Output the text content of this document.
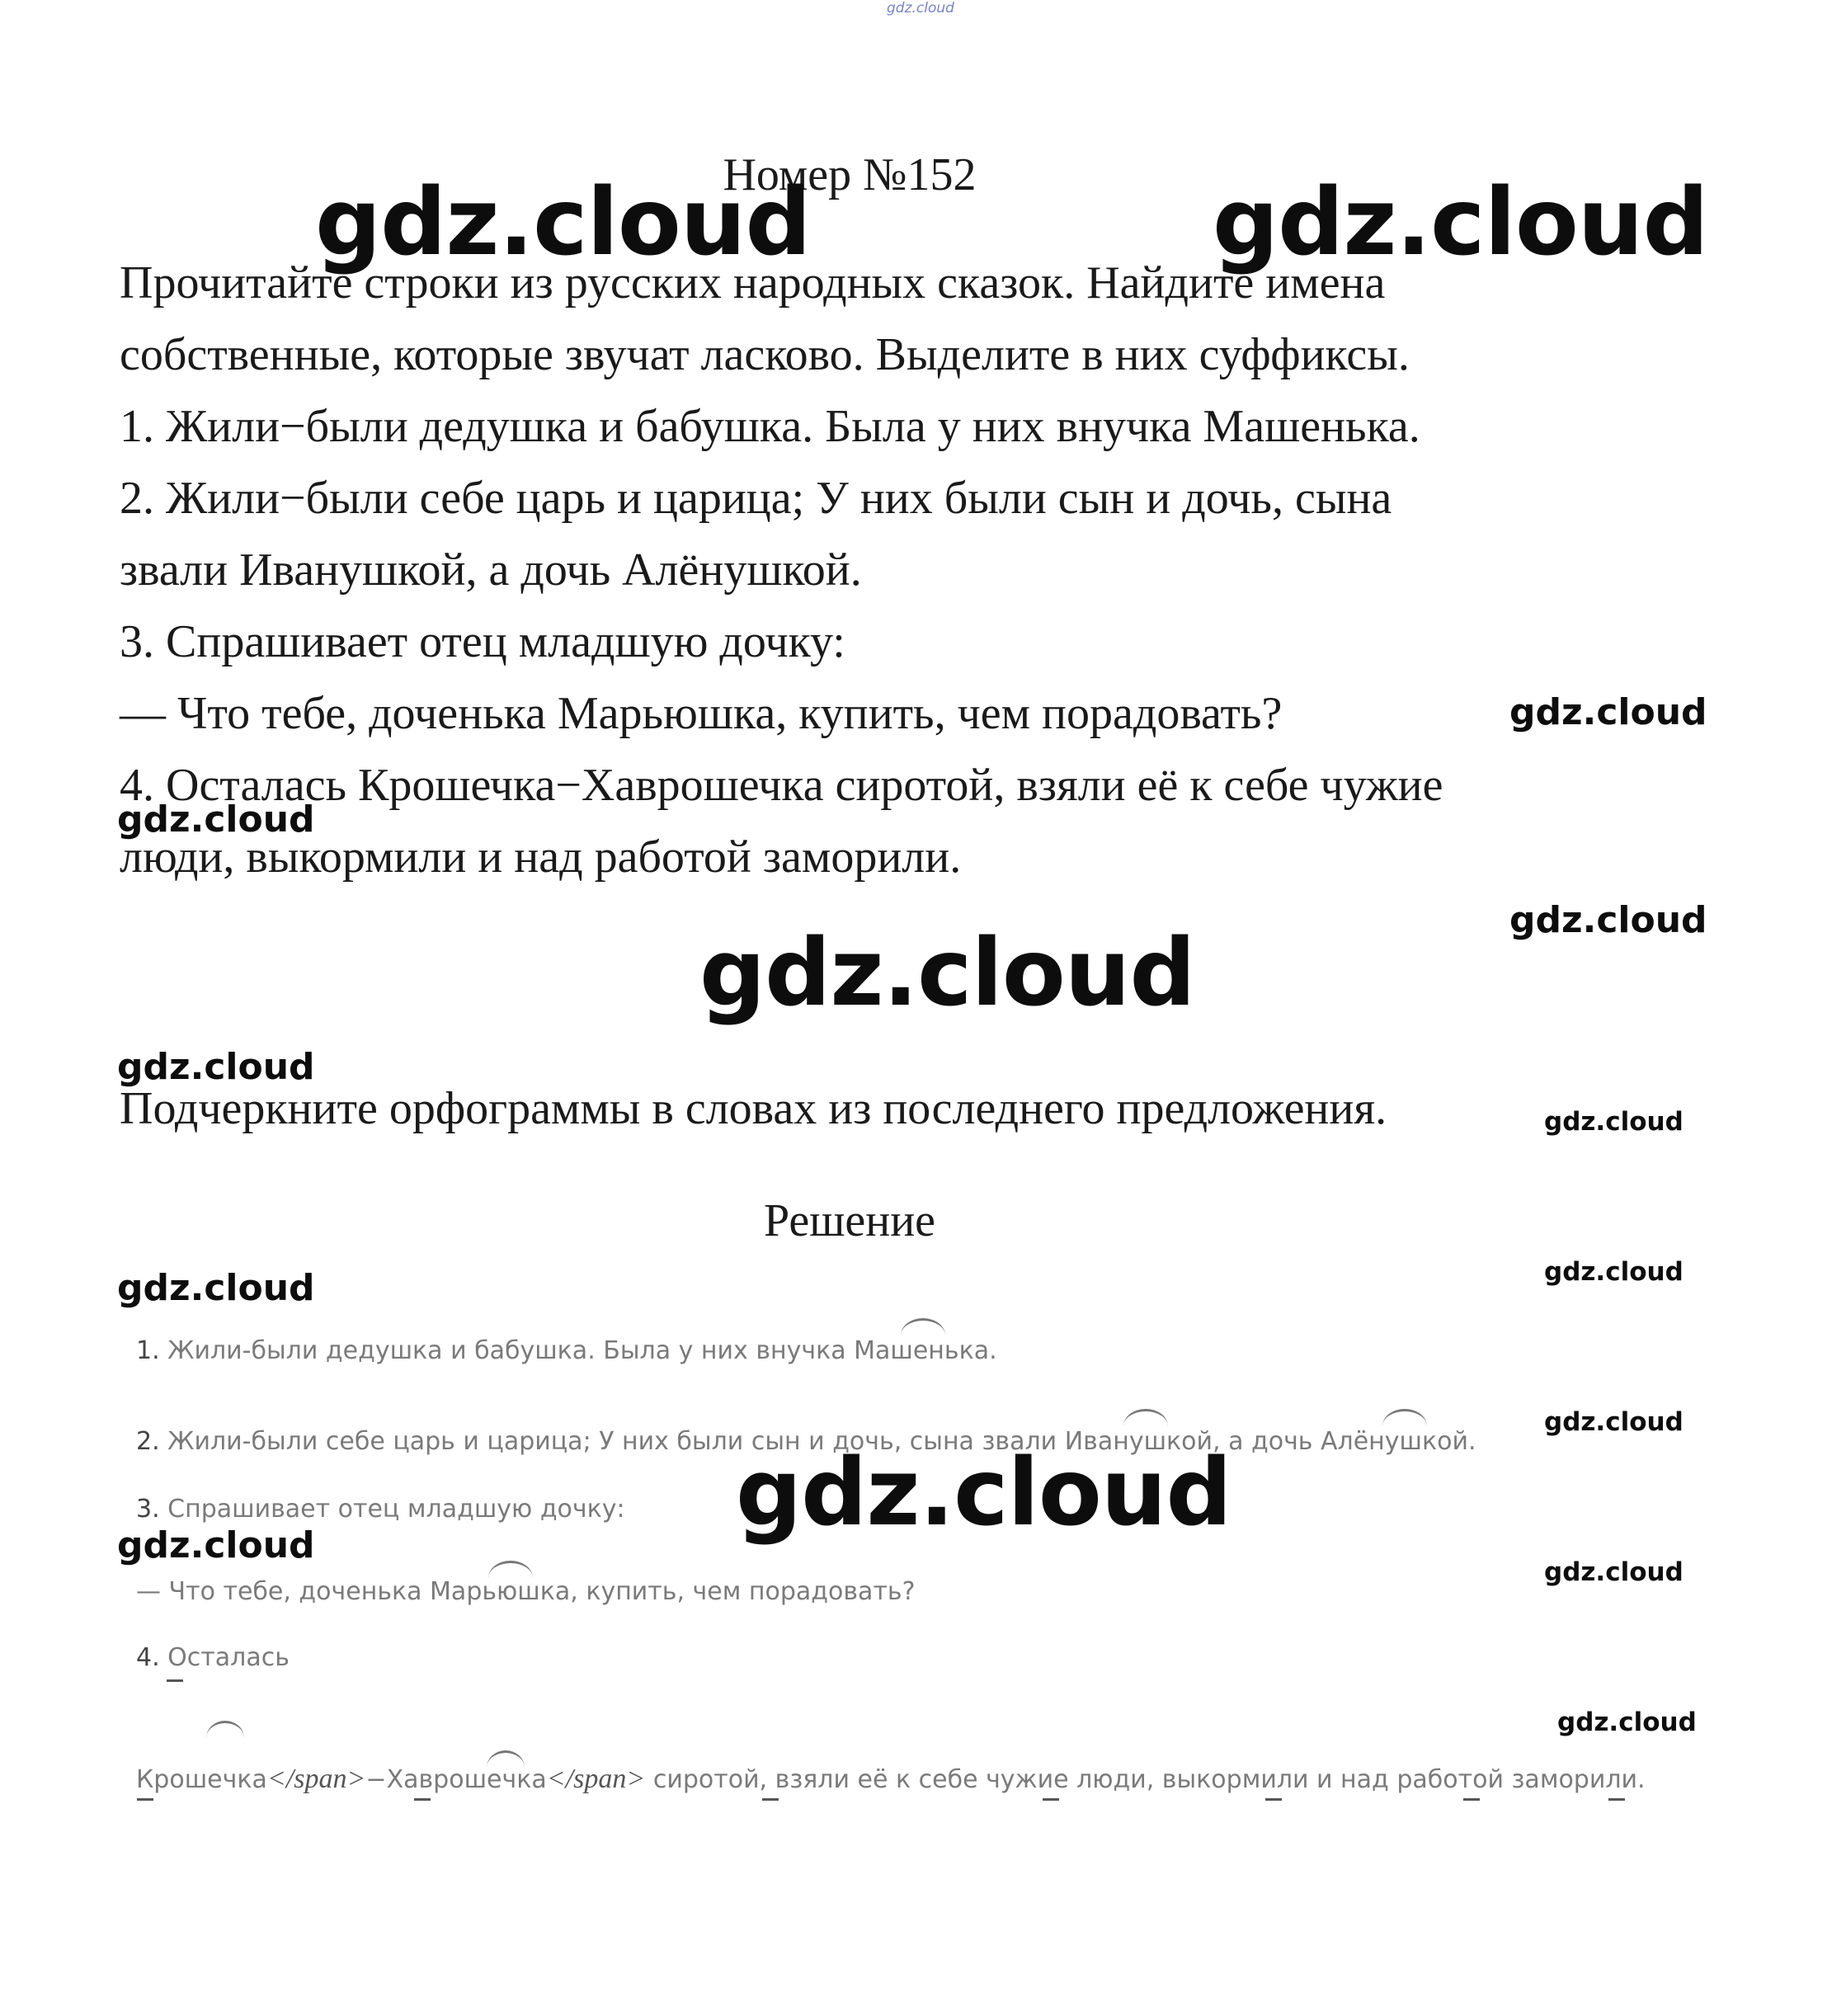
gdz.cloud
Номер №152
Прочитайте строки из русских народных сказок. Найдите имена
собственные, которые звучат ласково. Выделите в них суффиксы.
1. Жили−были дедушка и бабушка. Была у них внучка Машенька.
2. Жили−были себе царь и царица; У них были сын и дочь, сына
звали Иванушкой, а дочь Алёнушкой.
3. Спрашивает отец младшую дочку:
— Что тебе, доченька Марьюшка, купить, чем порадовать?
4. Осталась Крошечка−Хаврошечка сиротой, взяли её к себе чужие
люди, выкормили и над работой заморили.
Подчеркните орфограммы в словах из последнего предложения.
Решение
1. Жили-были дедушка и бабушка. Была у них внучка Машенька.
2. Жили-были себе царь и царица; У них были сын и дочь, сына звали Иванушкой, а дочь Алёнушкой.
3. Спрашивает отец младшую дочку:
— Что тебе, доченька Марьюшка, купить, чем порадовать?
4. Осталась
Крошечка</span>−Хаврошечка</span> сиротой, взяли её к себе чужие люди, выкормили и над работой заморили.
gdz.cloud	gdz.cloud
gdz.cloud
gdz.cloud
gdz.cloud
gdz.cloud
gdz.cloud
gdz.cloud
gdz.cloud	gdz.cloud
gdz.cloud
gdz.cloud
gdz.cloud
gdz.cloud
gdz.cloud
